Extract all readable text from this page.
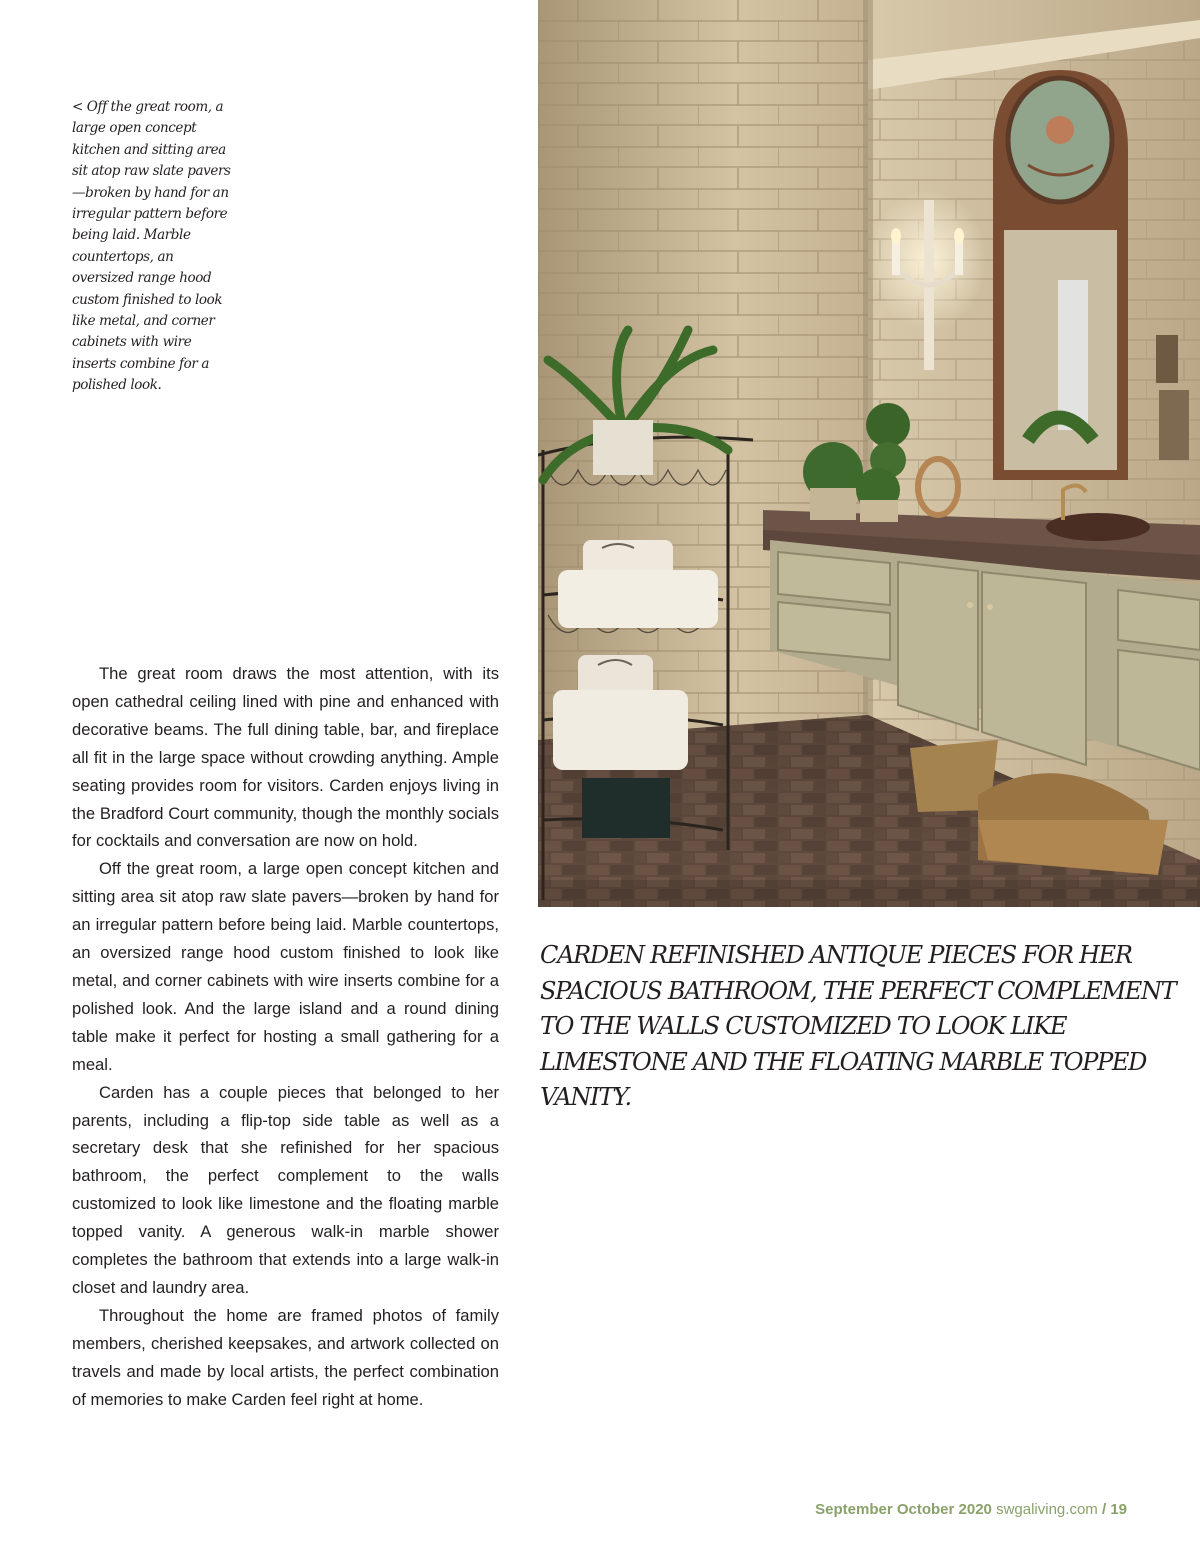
< Off the great room, a large open concept kitchen and sitting area sit atop raw slate pavers—broken by hand for an irregular pattern before being laid. Marble countertops, an oversized range hood custom finished to look like metal, and corner cabinets with wire inserts combine for a polished look.

The great room draws the most attention, with its open cathedral ceiling lined with pine and enhanced with decorative beams. The full dining table, bar, and fireplace all fit in the large space without crowding anything. Ample seating provides room for visitors. Carden enjoys living in the Bradford Court community, though the monthly socials for cocktails and conversation are now on hold.

Off the great room, a large open concept kitchen and sitting area sit atop raw slate pavers—broken by hand for an irregular pattern before being laid. Marble countertops, an oversized range hood custom finished to look like metal, and corner cabinets with wire inserts combine for a polished look. And the large island and a round dining table make it perfect for hosting a small gathering for a meal.

Carden has a couple pieces that belonged to her parents, including a flip-top side table as well as a secretary desk that she refinished for her spacious bathroom, the perfect complement to the walls customized to look like limestone and the floating marble topped vanity. A generous walk-in marble shower completes the bathroom that extends into a large walk-in closet and laundry area.

Throughout the home are framed photos of family members, cherished keepsakes, and artwork collected on travels and made by local artists, the perfect combination of memories to make Carden feel right at home.

CARDEN REFINISHED ANTIQUE PIECES FOR HER SPACIOUS BATHROOM, THE PERFECT COMPLEMENT TO THE WALLS CUSTOMIZED TO LOOK LIKE LIMESTONE AND THE FLOATING MARBLE TOPPED VANITY.

September October 2020 swgaliving.com / 19
